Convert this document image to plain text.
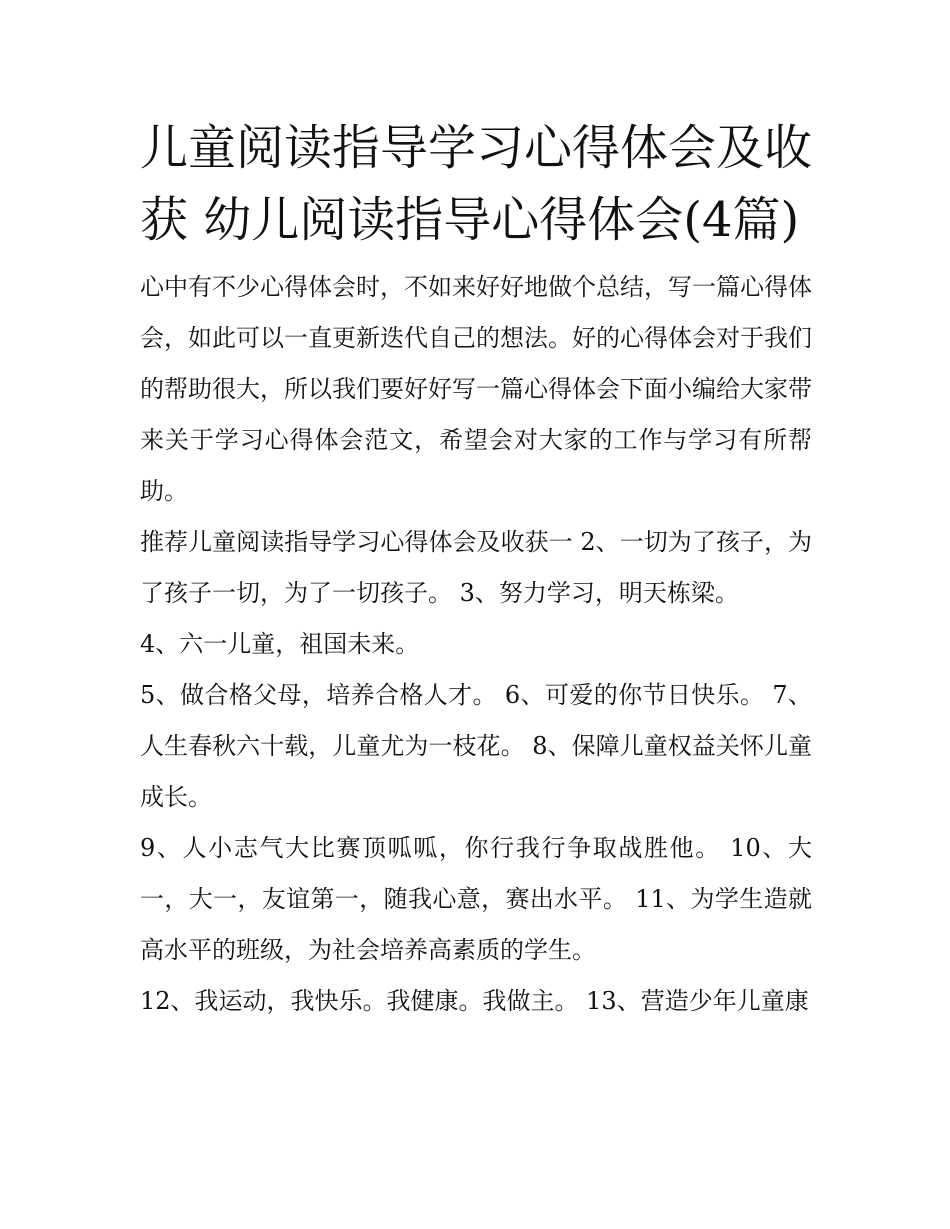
儿童阅读指导学习心得体会及收获 幼儿阅读指导心得体会(4篇)

心中有不少心得体会时，不如来好好地做个总结，写一篇心得体会，如此可以一直更新迭代自己的想法。好的心得体会对于我们的帮助很大，所以我们要好好写一篇心得体会下面小编给大家带来关于学习心得体会范文，希望会对大家的工作与学习有所帮助。

推荐儿童阅读指导学习心得体会及收获一 2、一切为了孩子，为了孩子一切，为了一切孩子。 3、努力学习，明天栋梁。

4、六一儿童，祖国未来。

5、做合格父母，培养合格人才。 6、可爱的你节日快乐。 7、人生春秋六十载，儿童尤为一枝花。 8、保障儿童权益关怀儿童成长。

9、人小志气大比赛顶呱呱，你行我行争取战胜他。 10、大一，大一，友谊第一，随我心意，赛出水平。 11、为学生造就高水平的班级，为社会培养高素质的学生。

12、我运动，我快乐。我健康。我做主。 13、营造少年儿童康
